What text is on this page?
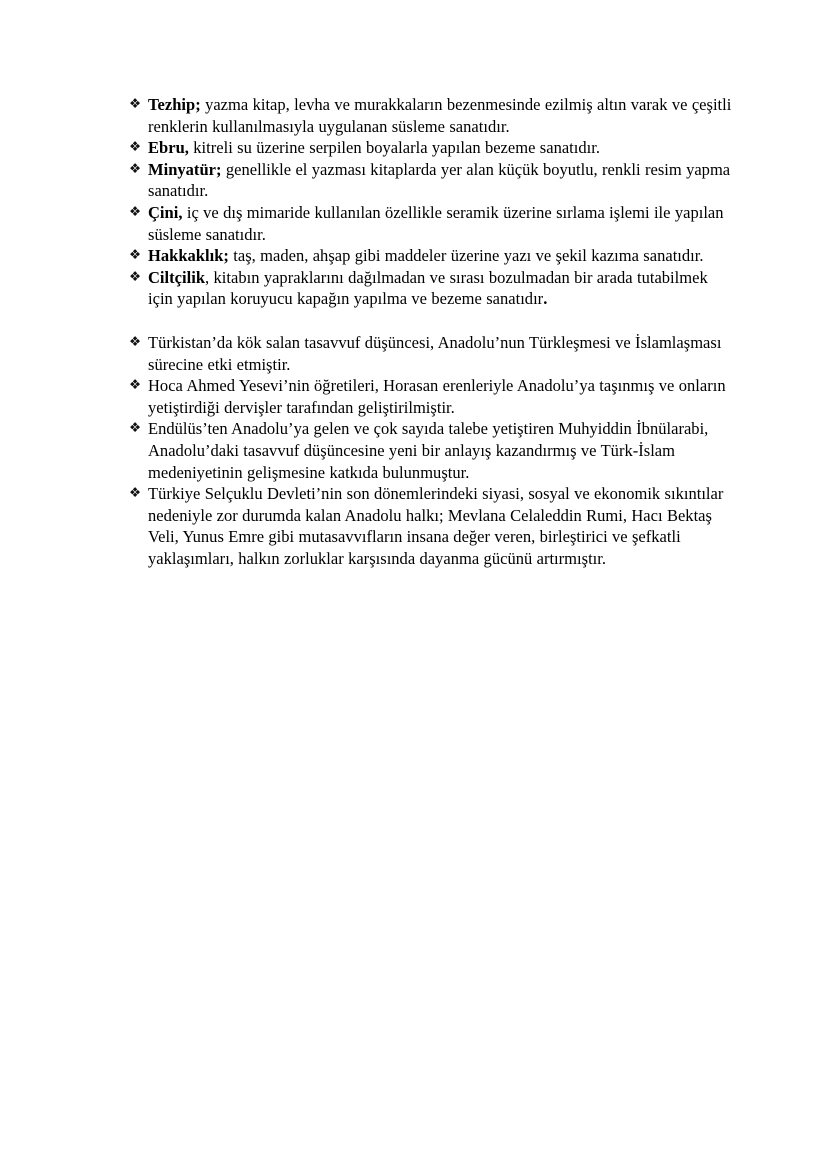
❖ Tezhip; yazma kitap, levha ve murakkaların bezenmesinde ezilmiş altın varak ve çeşitli renklerin kullanılmasıyla uygulanan süsleme sanatıdır.
❖ Ebru, kitreli su üzerine serpilen boyalarla yapılan bezeme sanatıdır.
❖ Minyatür; genellikle el yazması kitaplarda yer alan küçük boyutlu, renkli resim yapma sanatıdır.
❖ Çini, iç ve dış mimaride kullanılan özellikle seramik üzerine sırlama işlemi ile yapılan süsleme sanatıdır.
❖ Hakkaklık; taş, maden, ahşap gibi maddeler üzerine yazı ve şekil kazıma sanatıdır.
❖ Ciltçilik, kitabın yapraklarını dağılmadan ve sırası bozulmadan bir arada tutabilmek için yapılan koruyucu kapağın yapılma ve bezeme sanatıdır.
❖ Türkistan’da kök salan tasavvuf düşüncesi, Anadolu’nun Türkleşmesi ve İslamlaşması sürecine etki etmiştir.
❖ Hoca Ahmed Yesevi’nin öğretileri, Horasan erenleriyle Anadolu’ya taşınmış ve onların yetiştirdiği dervişler tarafından geliştirilmiştir.
❖ Endülüs’ten Anadolu’ya gelen ve çok sayıda talebe yetiştiren Muhyiddin İbnülarabi, Anadolu’daki tasavvuf düşüncesine yeni bir anlayış kazandırmış ve Türk-İslam medeniyetinin gelişmesine katkıda bulunmuştur.
❖ Türkiye Selçuklu Devleti’nin son dönemlerindeki siyasi, sosyal ve ekonomik sıkıntılar nedeniyle zor durumda kalan Anadolu halkı; Mevlana Celaleddin Rumi, Hacı Bektaş Veli, Yunus Emre gibi mutasavvıfların insana değer veren, birleştirici ve şefkatli yaklaşımları, halkın zorluklar karşısında dayanma gücünü artırmıştır.
